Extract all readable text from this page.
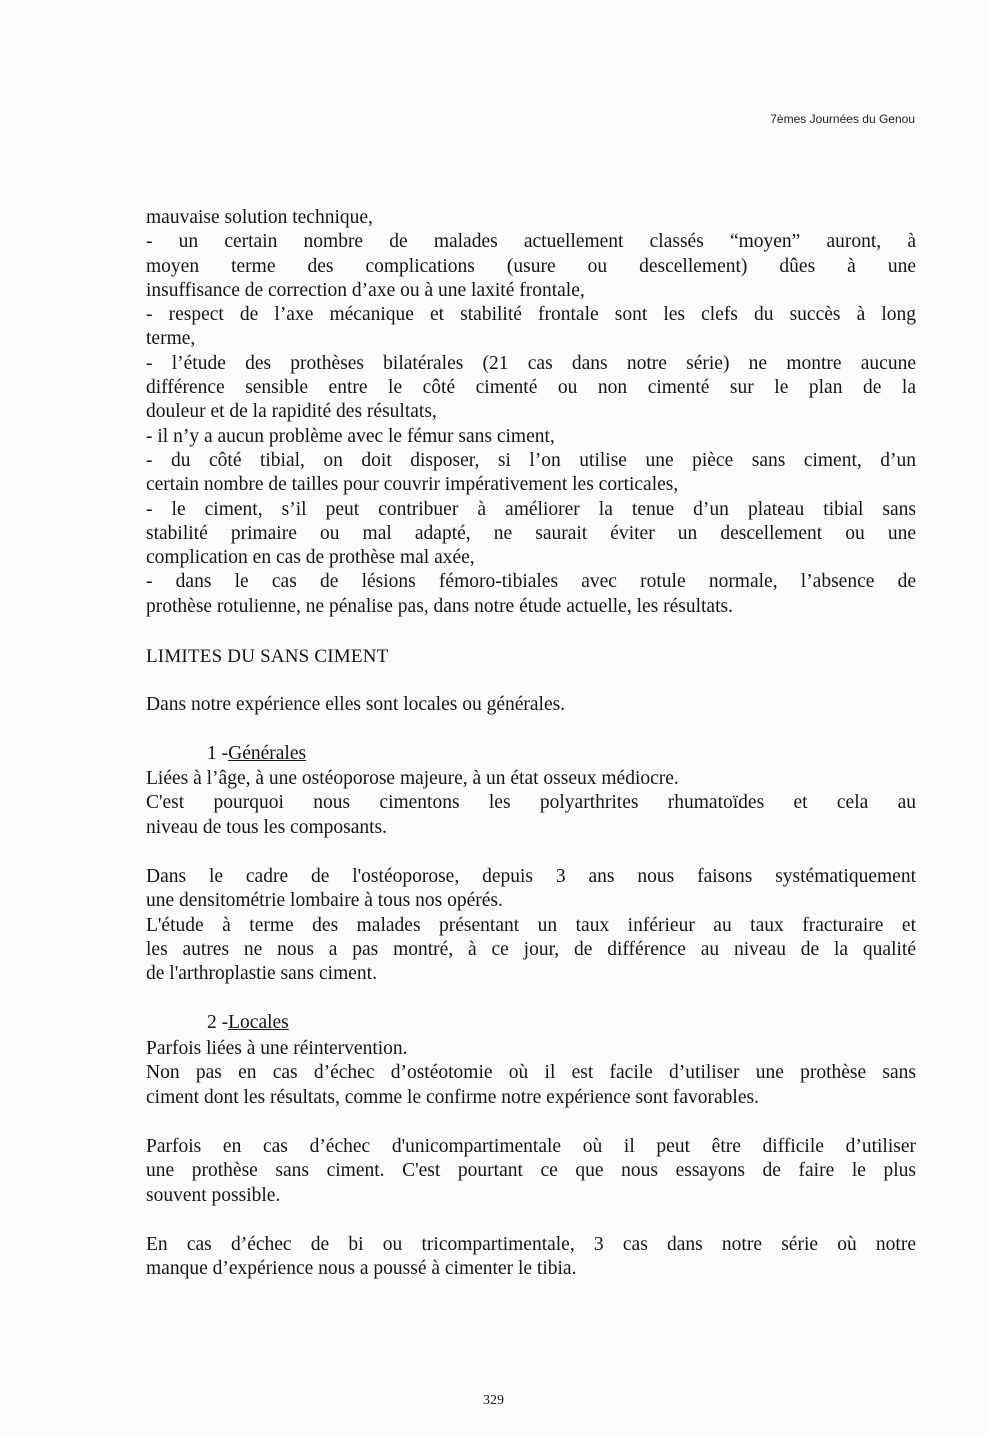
7èmes Journées du Genou
mauvaise solution technique,
- un certain nombre de malades actuellement classés “moyen” auront, à
moyen terme des complications (usure ou descellement) dûes à une
insuffisance de correction d’axe ou à une laxité frontale,
- respect de l’axe mécanique et stabilité frontale sont les clefs du succès à long
terme,
- l’étude des prothèses bilatérales (21 cas dans notre série) ne montre aucune
différence sensible entre le côté cimenté ou non cimenté sur le plan de la
douleur et de la rapidité des résultats,
- il n’y a aucun problème avec le fémur sans ciment,
- du côté tibial, on doit disposer, si l’on utilise une pièce sans ciment, d’un
certain nombre de tailles pour couvrir impérativement les corticales,
- le ciment, s’il peut contribuer à améliorer la tenue d’un plateau tibial sans
stabilité primaire ou mal adapté, ne saurait éviter un descellement ou une
complication en cas de prothèse mal axée,
- dans le cas de lésions fémoro-tibiales avec rotule normale, l’absence de
prothèse rotulienne, ne pénalise pas, dans notre étude actuelle, les résultats.
LIMITES DU SANS CIMENT
Dans notre expérience elles sont locales ou générales.
1 -Générales
Liées à l’âge, à une ostéoporose majeure, à un état osseux médiocre.
C'est pourquoi nous cimentons les polyarthrites rhumatoïdes et cela au
niveau de tous les composants.
Dans le cadre de l'ostéoporose, depuis 3 ans nous faisons systématiquement
une densitométrie lombaire à tous nos opérés.
L'étude à terme des malades présentant un taux inférieur au taux fracturaire et
les autres ne nous a pas montré, à ce jour, de différence au niveau de la qualité
de l'arthroplastie sans ciment.
2 -Locales
Parfois liées à une réintervention.
Non pas en cas d’échec d’ostéotomie où il est facile d’utiliser une prothèse sans
ciment dont les résultats, comme le confirme notre expérience sont favorables.
Parfois en cas d’échec d'unicompartimentale où il peut être difficile d’utiliser
une prothèse sans ciment. C'est pourtant ce que nous essayons de faire le plus
souvent possible.
En cas d’échec de bi ou tricompartimentale, 3 cas dans notre série où notre
manque d’expérience nous a poussé à cimenter le tibia.
329
